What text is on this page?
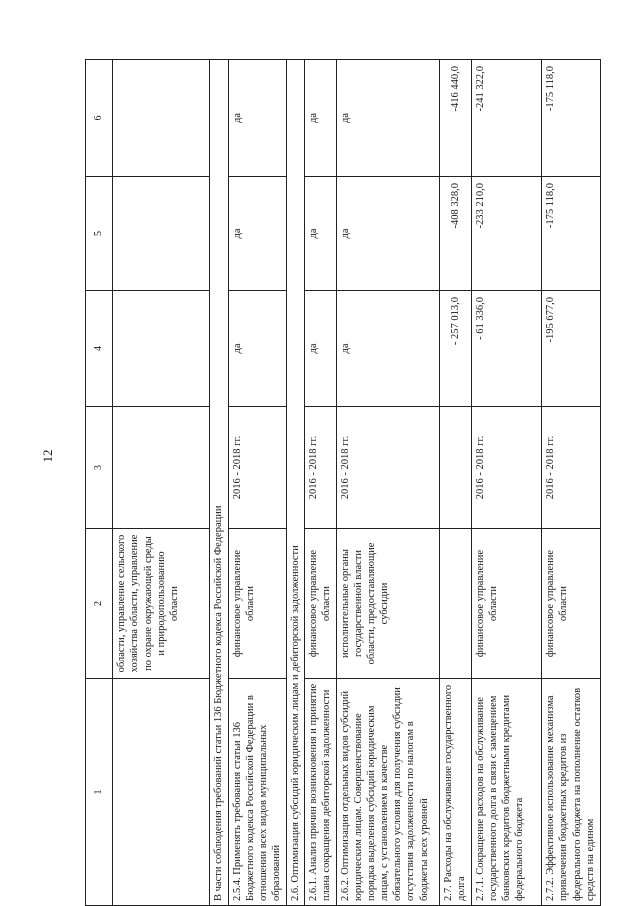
12
1	2	3	4	5	6
	области, управление сельского хозяйства области, управление по охране окружающей среды и природопользованию области				
В части соблюдения требований статьи 136 Бюджетного кодекса Российской Федерации					
2.5.4. Применять требования статьи 136 Бюджетного кодекса Российской Федерации в отношении всех видов муниципальных образований	финансовое управление области	2016 - 2018 гг.	да	да	да
2.6. Оптимизация субсидий юридическим лицам и дебиторской задолженности					
2.6.1. Анализ причин возникновения и принятие плана сокращения дебиторской задолженности	финансовое управление области	2016 - 2018 гг.	да	да	да
2.6.2. Оптимизация отдельных видов субсидий юридическим лицам. Совершенствование порядка выделения субсидий юридическим лицам, с установлением в качестве обязательного условия для получения субсидии отсутствия задолженности по налогам в бюджеты всех уровней	исполнительные органы государственной власти области, предоставляющие субсидии	2016 - 2018 гг.	да	да	да
2.7. Расходы на обслуживание государственного долга			- 257 013,0	-408 328,0	-416 440,0
2.7.1. Сокращение расходов на обслуживание государственного долга в связи с замещением банковских кредитов бюджетными кредитами федерального бюджета	финансовое управление области	2016 - 2018 гг.	- 61 336,0	-233 210,0	-241 322,0
2.7.2. Эффективное использование механизма привлечения бюджетных кредитов из федерального бюджета на пополнение остатков средств на едином	финансовое управление области	2016 - 2018 гг.	-195 677,0	-175 118,0	-175 118,0
